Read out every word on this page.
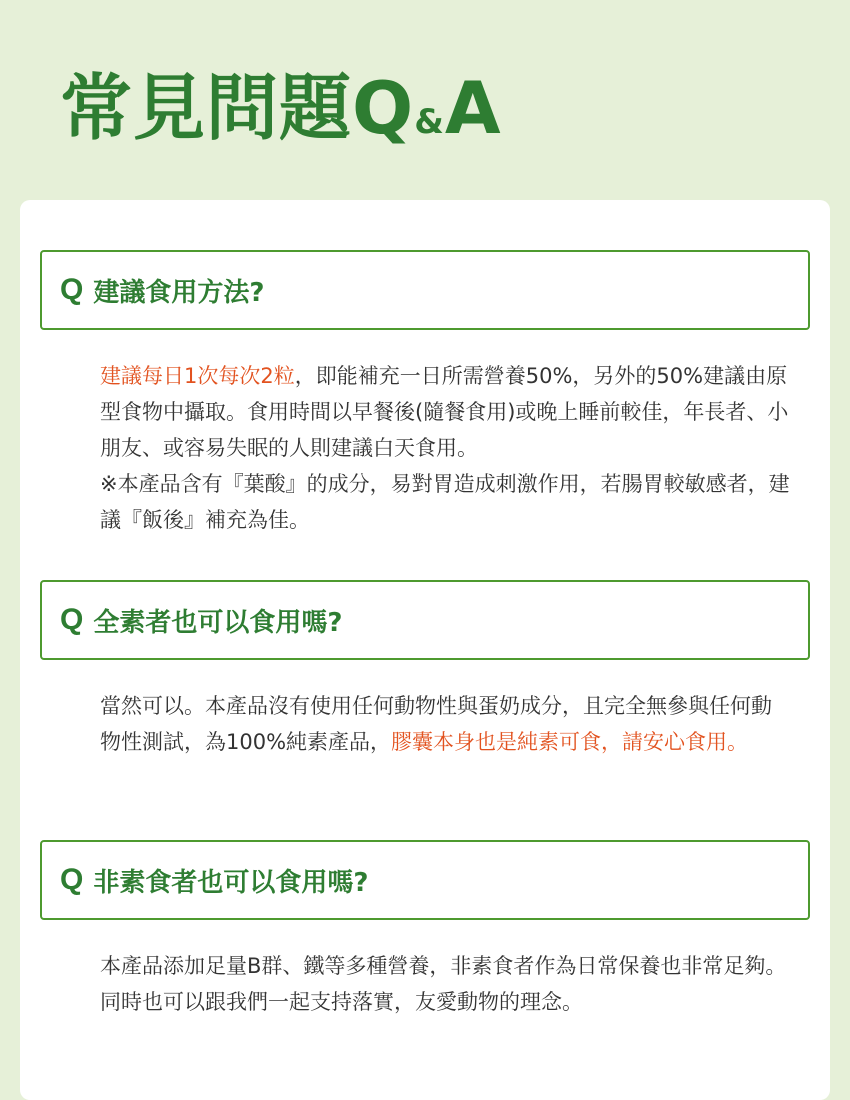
常見問題Q&A
Q 建議食用方法?

建議每日1次每次2粒，即能補充一日所需營養50%，另外的50%建議由原型食物中攝取。食用時間以早餐後(隨餐食用)或晚上睡前較佳，年長者、小朋友、或容易失眠的人則建議白天食用。

※本產品含有『葉酸』的成分，易對胃造成刺激作用，若腸胃較敏感者，建議『飯後』補充為佳。

Q 全素者也可以食用嗎?

當然可以。本產品沒有使用任何動物性與蛋奶成分，且完全無參與任何動物性測試，為100%純素產品，膠囊本身也是純素可食，請安心食用。

Q 非素食者也可以食用嗎?

本產品添加足量B群、鐵等多種營養，非素食者作為日常保養也非常足夠。同時也可以跟我們一起支持落實，友愛動物的理念。
